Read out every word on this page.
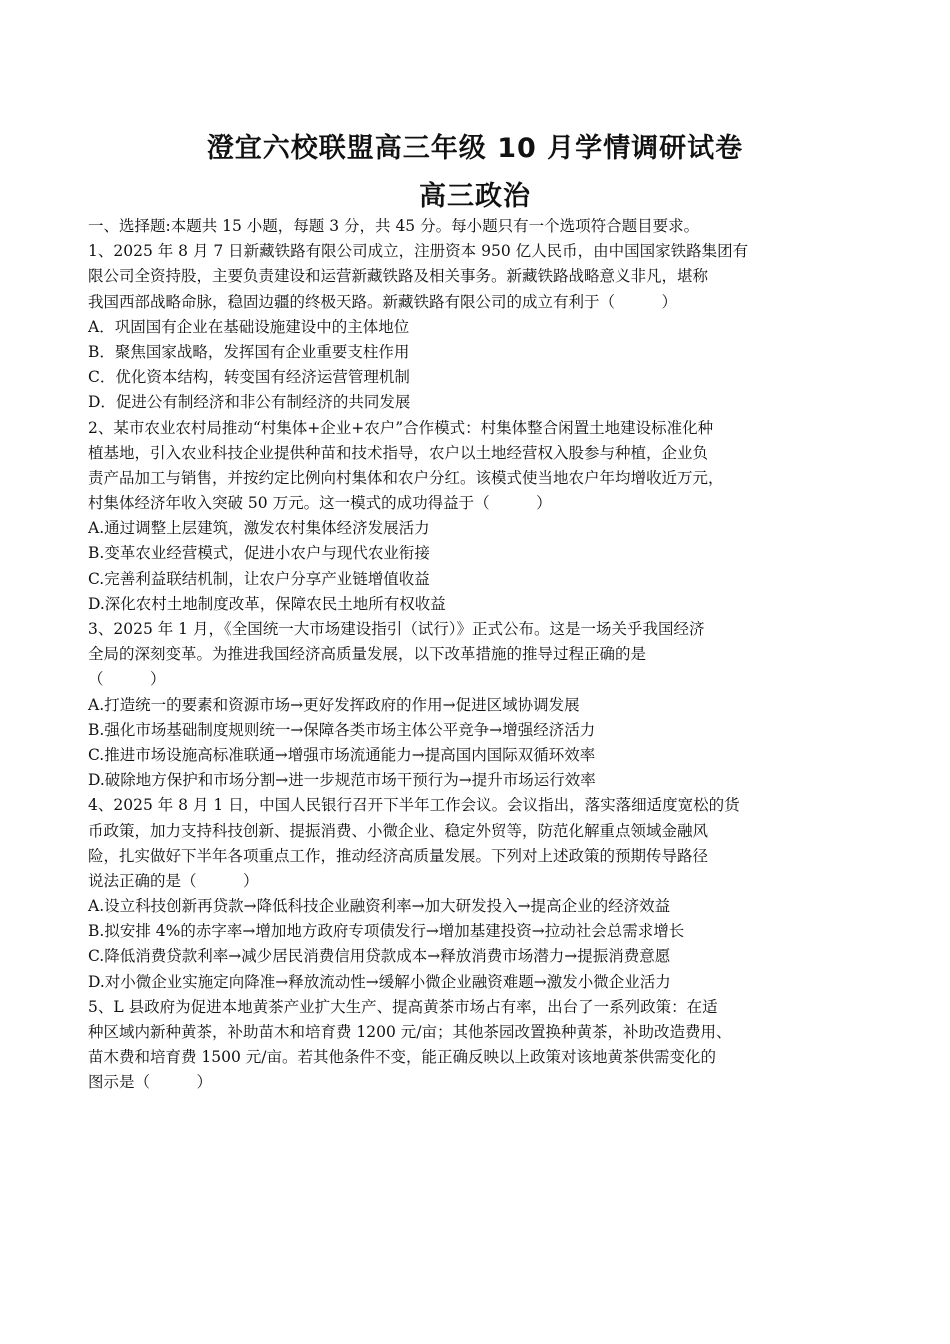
澄宜六校联盟高三年级 10 月学情调研试卷
高三政治
一、选择题:本题共 15 小题，每题 3 分，共 45 分。每小题只有一个选项符合题目要求。
1、2025 年 8 月 7 日新藏铁路有限公司成立，注册资本 950 亿人民币，由中国国家铁路集团有
限公司全资持股，主要负责建设和运营新藏铁路及相关事务。新藏铁路战略意义非凡，堪称
我国西部战略命脉，稳固边疆的终极天路。新藏铁路有限公司的成立有利于（　　　）
A．巩固国有企业在基础设施建设中的主体地位
B．聚焦国家战略，发挥国有企业重要支柱作用
C．优化资本结构，转变国有经济运营管理机制
D．促进公有制经济和非公有制经济的共同发展
2、某市农业农村局推动“村集体+企业+农户”合作模式：村集体整合闲置土地建设标准化种
植基地，引入农业科技企业提供种苗和技术指导，农户以土地经营权入股参与种植，企业负
责产品加工与销售，并按约定比例向村集体和农户分红。该模式使当地农户年均增收近万元，
村集体经济年收入突破 50 万元。这一模式的成功得益于（　　　）
A.通过调整上层建筑，激发农村集体经济发展活力
B.变革农业经营模式，促进小农户与现代农业衔接
C.完善利益联结机制，让农户分享产业链增值收益
D.深化农村土地制度改革，保障农民土地所有权收益
3、2025 年 1 月，《全国统一大市场建设指引（试行）》正式公布。这是一场关乎我国经济
全局的深刻变革。为推进我国经济高质量发展，以下改革措施的推导过程正确的是
（　　　）
A.打造统一的要素和资源市场→更好发挥政府的作用→促进区域协调发展
B.强化市场基础制度规则统一→保障各类市场主体公平竞争→增强经济活力
C.推进市场设施高标准联通→增强市场流通能力→提高国内国际双循环效率
D.破除地方保护和市场分割→进一步规范市场干预行为→提升市场运行效率
4、2025 年 8 月 1 日，中国人民银行召开下半年工作会议。会议指出，落实落细适度宽松的货
币政策，加力支持科技创新、提振消费、小微企业、稳定外贸等，防范化解重点领域金融风
险，扎实做好下半年各项重点工作，推动经济高质量发展。下列对上述政策的预期传导路径
说法正确的是（　　　）
A.设立科技创新再贷款→降低科技企业融资利率→加大研发投入→提高企业的经济效益
B.拟安排 4%的赤字率→增加地方政府专项债发行→增加基建投资→拉动社会总需求增长
C.降低消费贷款利率→减少居民消费信用贷款成本→释放消费市场潜力→提振消费意愿
D.对小微企业实施定向降准→释放流动性→缓解小微企业融资难题→激发小微企业活力
5、L 县政府为促进本地黄茶产业扩大生产、提高黄茶市场占有率，出台了一系列政策：在适
种区域内新种黄茶，补助苗木和培育费 1200 元/亩；其他茶园改置换种黄茶，补助改造费用、
苗木费和培育费 1500 元/亩。若其他条件不变，能正确反映以上政策对该地黄茶供需变化的
图示是（　　　）
